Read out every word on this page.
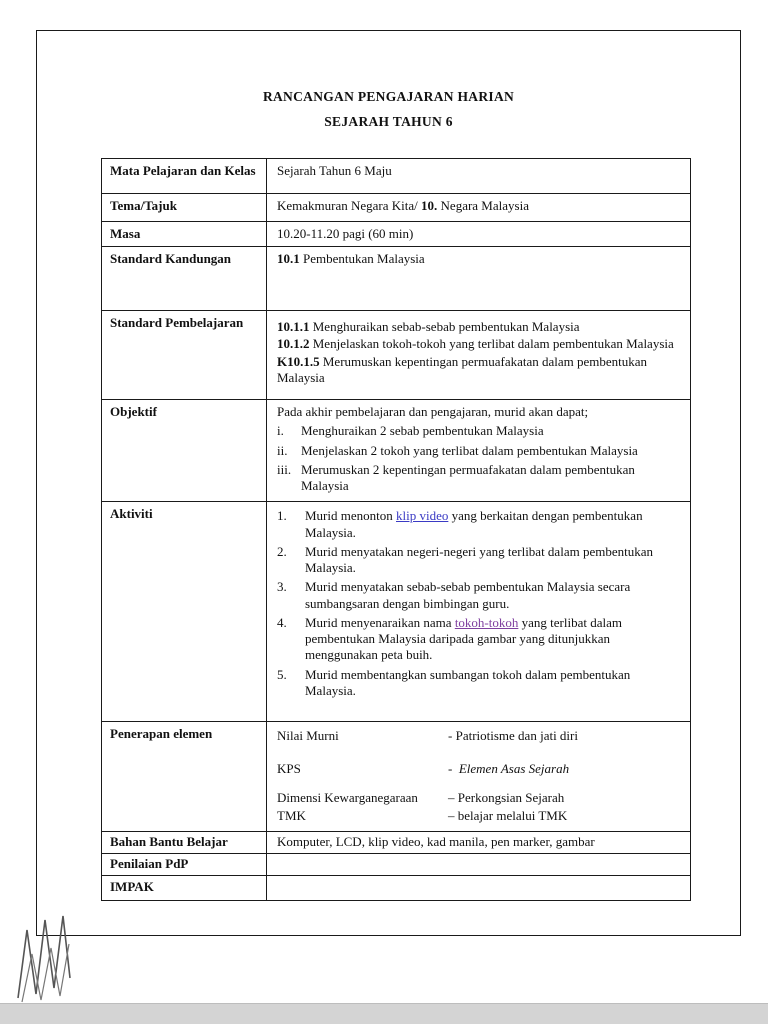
RANCANGAN PENGAJARAN HARIAN
SEJARAH TAHUN 6
Mata Pelajaran dan Kelas	Sejarah Tahun 6 Maju
Tema/Tajuk	Kemakmuran Negara Kita/ 10. Negara Malaysia
Masa	10.20-11.20 pagi (60 min)
Standard Kandungan	10.1 Pembentukan Malaysia
Standard Pembelajaran	10.1.1 Menghuraikan sebab-sebab pembentukan Malaysia
10.1.2 Menjelaskan tokoh-tokoh yang terlibat dalam pembentukan Malaysia
K10.1.5 Merumuskan kepentingan permuafakatan dalam pembentukan Malaysia
Objektif	Pada akhir pembelajaran dan pengajaran, murid akan dapat;
i.	Menghuraikan 2 sebab pembentukan Malaysia
ii.	Menjelaskan 2 tokoh yang terlibat dalam pembentukan Malaysia
iii. Merumuskan 2 kepentingan permuafakatan dalam pembentukan Malaysia
Aktiviti	1.	Murid menonton klip video yang berkaitan dengan pembentukan Malaysia.
2.	Murid menyatakan negeri-negeri yang terlibat dalam pembentukan Malaysia.
3.	Murid menyatakan sebab-sebab pembentukan Malaysia secara sumbangsaran dengan bimbingan guru.
4.	Murid menyenaraikan nama tokoh-tokoh yang terlibat dalam pembentukan Malaysia daripada gambar yang ditunjukkan menggunakan peta buih.
5.	Murid membentangkan sumbangan tokoh dalam pembentukan Malaysia.
Penerapan elemen	Nilai Murni	- Patriotisme dan jati diri
KPS	- Elemen Asas Sejarah
Dimensi Kewarganegaraan	– Perkongsian Sejarah
TMK	– belajar melalui TMK
Bahan Bantu Belajar	Komputer, LCD, klip video, kad manila, pen marker, gambar
Penilaian PdP
IMPAK
